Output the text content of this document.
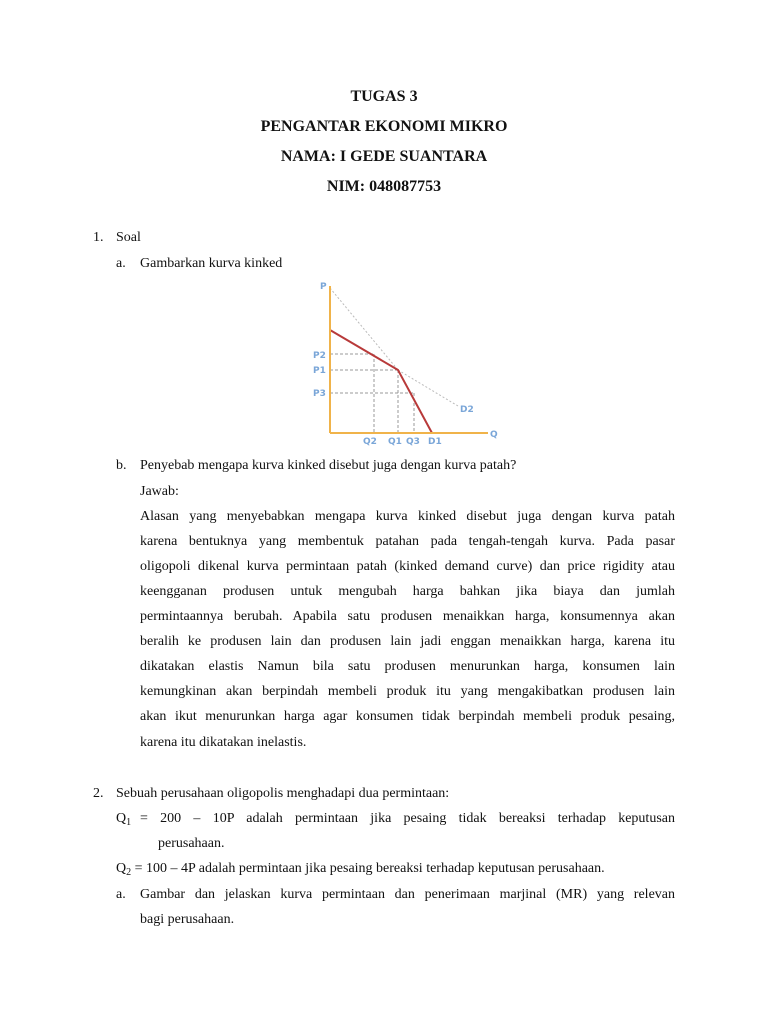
TUGAS 3
PENGANTAR EKONOMI MIKRO
NAMA: I GEDE SUANTARA
NIM: 048087753
1. Soal
a. Gambarkan kurva kinked
P
Q
P2
P1
P3
Q2 Q1 Q3 D1
D2
b. Penyebab mengapa kurva kinked disebut juga dengan kurva patah?
Jawab:
Alasan yang menyebabkan mengapa kurva kinked disebut juga dengan kurva patah
karena bentuknya yang membentuk patahan pada tengah-tengah kurva. Pada pasar
oligopoli dikenal kurva permintaan patah (kinked demand curve) dan price rigidity atau
keengganan produsen untuk mengubah harga bahkan jika biaya dan jumlah
permintaannya berubah. Apabila satu produsen menaikkan harga, konsumennya akan
beralih ke produsen lain dan produsen lain jadi enggan menaikkan harga, karena itu
dikatakan elastis Namun bila satu produsen menurunkan harga, konsumen lain
kemungkinan akan berpindah membeli produk itu yang mengakibatkan produsen lain
akan ikut menurunkan harga agar konsumen tidak berpindah membeli produk pesaing,
karena itu dikatakan inelastis.
2. Sebuah perusahaan oligopolis menghadapi dua permintaan:
$Q_1 = 200 - 10P$ adalah permintaan jika pesaing tidak bereaksi terhadap keputusan
perusahaan.
$Q_2 = 100 - 4P$ adalah permintaan jika pesaing bereaksi terhadap keputusan perusahaan.
a. Gambar dan jelaskan kurva permintaan dan penerimaan marjinal (MR) yang relevan
bagi perusahaan.
